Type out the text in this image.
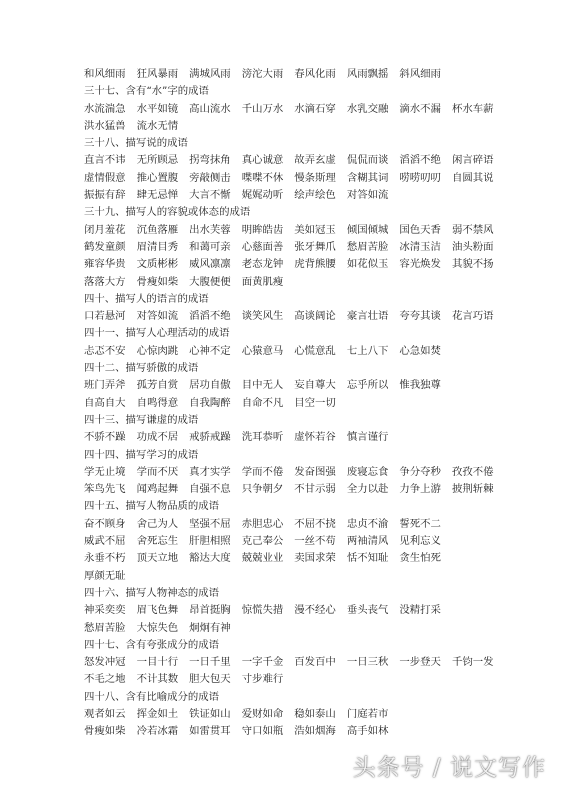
和风细雨 狂风暴雨 满城风雨 滂沱大雨 春风化雨 风雨飘摇 斜风细雨
三十七、含有“水”字的成语
水流湍急 水平如镜 高山流水 千山万水 水滴石穿 水乳交融 滴水不漏 杯水车薪
洪水猛兽 流水无情
三十八、描写说的成语
直言不讳 无所顾忌 拐弯抹角 真心诚意 故弄玄虚 侃侃而谈 滔滔不绝 闲言碎语
虚情假意 推心置腹 旁敲侧击 喋喋不休 慢条斯理 含糊其词 唠唠叨叨 自圆其说
振振有辞 肆无忌惮 大言不惭 娓娓动听 绘声绘色 对答如流
三十九、描写人的容貌或体态的成语
闭月羞花 沉鱼落雁 出水芙蓉 明眸皓齿 美如冠玉 倾国倾城 国色天香 弱不禁风
鹤发童颜 眉清目秀 和蔼可亲 心慈面善 张牙舞爪 愁眉苦脸 冰清玉洁 油头粉面
雍容华贵 文质彬彬 威风凛凛 老态龙钟 虎背熊腰 如花似玉 容光焕发 其貌不扬
落落大方 骨瘦如柴 大腹便便 面黄肌瘦
四十、描写人的语言的成语
口若悬河 对答如流 滔滔不绝 谈笑风生 高谈阔论 豪言壮语 夸夸其谈 花言巧语
四十一、描写人心理活动的成语
忐忑不安 心惊肉跳 心神不定 心猿意马 心慌意乱 七上八下 心急如焚
四十二、描写骄傲的成语
班门弄斧 孤芳自赏 居功自傲 目中无人 妄自尊大 忘乎所以 惟我独尊
自高自大 自鸣得意 自我陶醉 自命不凡 目空一切
四十三、描写谦虚的成语
不骄不躁 功成不居 戒骄戒躁 洗耳恭听 虚怀若谷 慎言谨行
四十四、描写学习的成语
学无止境 学而不厌 真才实学 学而不倦 发奋图强 废寝忘食 争分夺秒 孜孜不倦
笨鸟先飞 闻鸡起舞 自强不息 只争朝夕 不甘示弱 全力以赴 力争上游 披荆斩棘
四十五、描写人物品质的成语
奋不顾身 舍己为人 坚强不屈 赤胆忠心 不屈不挠 忠贞不渝 誓死不二
威武不屈 舍死忘生 肝胆相照 克己奉公 一丝不苟 两袖清风 见利忘义
永垂不朽 顶天立地 豁达大度 兢兢业业 卖国求荣 恬不知耻 贪生怕死
厚颜无耻
四十六、描写人物神态的成语
神采奕奕 眉飞色舞 昂首挺胸 惊慌失措 漫不经心 垂头丧气 没精打采
愁眉苦脸 大惊失色 炯炯有神
四十七、含有夸张成分的成语
怒发冲冠 一目十行 一日千里 一字千金 百发百中 一日三秋 一步登天 千钧一发
不毛之地 不计其数 胆大包天 寸步难行
四十八、含有比喻成分的成语
观者如云 挥金如土 铁证如山 爱财如命 稳如泰山 门庭若市
骨瘦如柴 冷若冰霜 如雷贯耳 守口如瓶 浩如烟海 高手如林
头条号 / 说文写作
